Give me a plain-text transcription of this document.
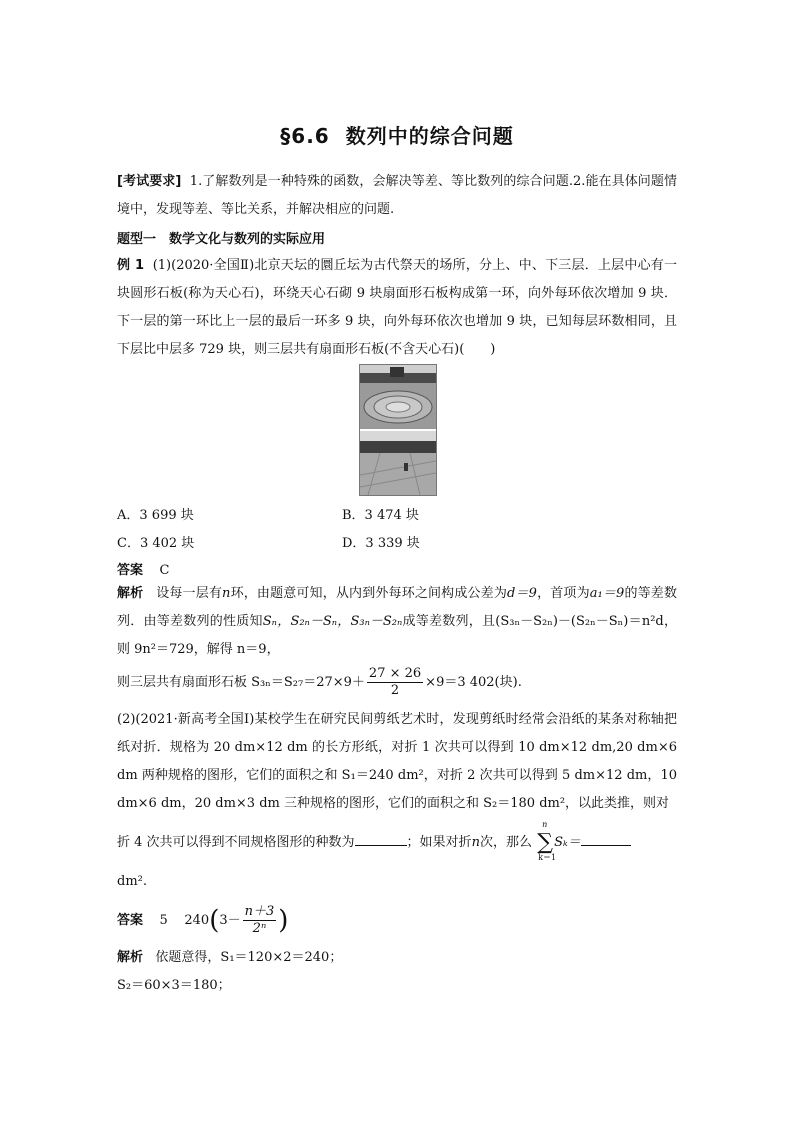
§6.6 数列中的综合问题
[考试要求] 1.了解数列是一种特殊的函数，会解决等差、等比数列的综合问题.2.能在具体问题情境中，发现等差、等比关系，并解决相应的问题.
题型一　数学文化与数列的实际应用
例 1 (1)(2020·全国Ⅱ)北京天坛的圜丘坛为古代祭天的场所，分上、中、下三层．上层中心有一块圆形石板(称为天心石)，环绕天心石砌 9 块扇面形石板构成第一环，向外每环依次增加 9 块．下一层的第一环比上一层的最后一环多 9 块，向外每环依次也增加 9 块，已知每层环数相同，且下层比中层多 729 块，则三层共有扇面形石板(不含天心石)(　　)
A．3 699 块	B．3 474 块
C．3 402 块	D．3 339 块
答案 C
解析 设每一层有n环，由题意可知，从内到外每环之间构成公差为d＝9，首项为a₁＝9的等差数列．由等差数列的性质知Sₙ，S₂ₙ－Sₙ，S₃ₙ－S₂ₙ成等差数列，且(S₃ₙ－S₂ₙ)－(S₂ₙ－Sₙ)＝n²d，则 9n²＝729，解得 n＝9，
则三层共有扇面形石板 $S_{3n}=S_{27}=27\times 9+ \frac{27 \times 26}{2} \times 9=3$ 402(块).
(2)(2021·新高考全国Ⅰ)某校学生在研究民间剪纸艺术时，发现剪纸时经常会沿纸的某条对称轴把纸对折．规格为 20 dm×12 dm 的长方形纸，对折 1 次共可以得到 10 dm×12 dm,20 dm×6 dm 两种规格的图形，它们的面积之和 S₁＝240 dm²，对折 2 次共可以得到 5 dm×12 dm，10 dm×6 dm，20 dm×3 dm 三种规格的图形，它们的面积之和 S₂＝180 dm²，以此类推，则对
折 4 次共可以得到不同规格图形的种数为	；如果对折n次，那么 ∑
n
k＝1
Sₖ＝
dm².
答案 5 $240(3- \frac{n+3}{\text{2ⁿ}}$ )
解析 依题意得，S₁＝120×2＝240；
S₂＝60×3＝180；
